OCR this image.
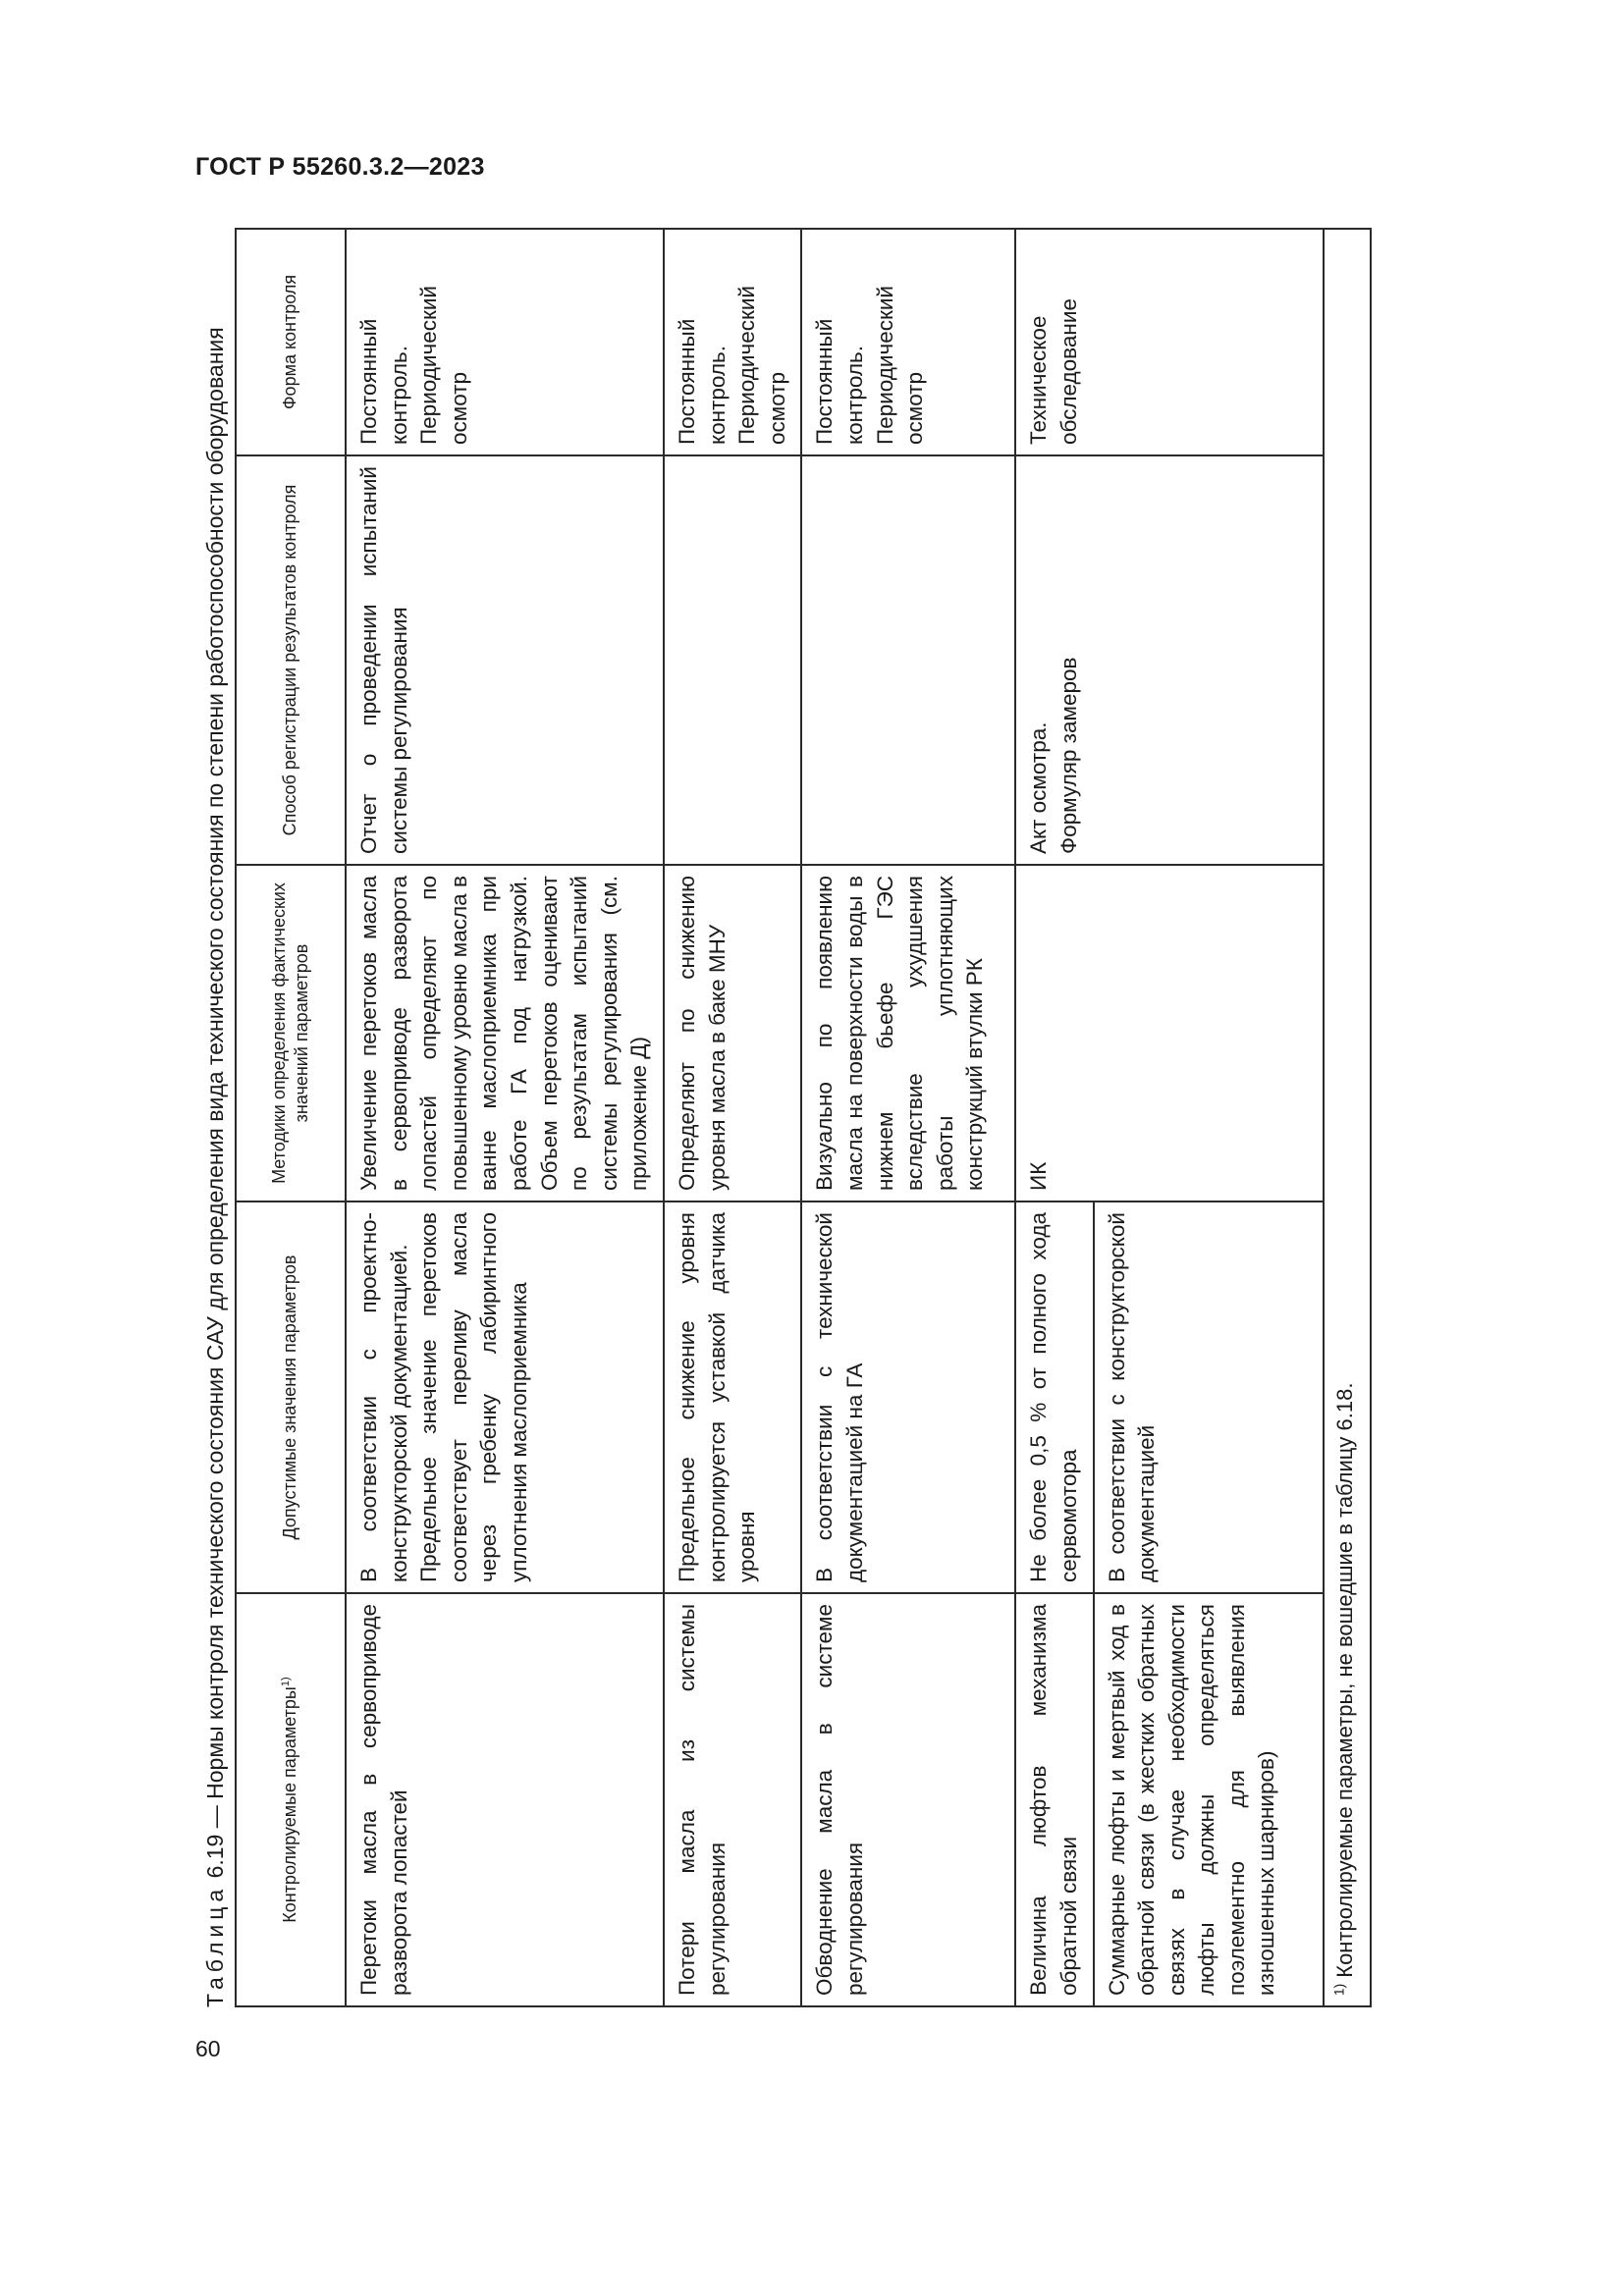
ГОСТ Р 55260.3.2—2023
Таблица 6.19 — Нормы контроля технического состояния САУ для определения вида технического состояния по степени работоспособности оборудования	Контролируемые параметры$^{1)}$	Допустимые значения параметров	Методики определения фактических значений параметров	Способ регистрации результатов контроля	Форма контроля
Перетоки масла в сервоприводе разворота лопастей	В соответствии с проектно-конструкторской документацией. Предельное значение перетоков соответствует переливу масла через гребенку лабиринтного уплотнения маслоприемника	Увеличение перетоков масла в сервоприводе разворота лопастей определяют по повышенному уровню масла в ванне маслоприемника при работе ГА под нагрузкой. Объем перетоков оценивают по результатам испытаний системы регулирования (см. приложение Д)	Отчет о проведении испытаний системы регулирования	Постоянный контроль. Периодический осмотр

Потери масла из системы регулирования	Предельное снижение уровня контролируется уставкой датчика уровня	Определяют по снижению уровня масла в баке МНУ		Постоянный контроль. Периодический осмотр

Обводнение масла в системе регулирования	В соответствии с технической документацией на ГА	Визуально по появлению масла на поверхности воды в нижнем бьефе ГЭС вследствие ухудшения работы уплотняющих конструкций втулки РК		Постоянный контроль. Периодический осмотр

Величина люфтов механизма обратной связи	Не более 0,5 % от полного хода сервомотора	ИК	Акт осмотра. Формуляр замеров	Техническое обследование
Суммарные люфты и мертвый ход в обратной связи (в жестких обратных связях в случае необходимости люфты должны определяться поэлементно для выявления изношенных шарниров)	В соответствии с конструкторской документацией			
$^{1)}$ Контролируемые параметры, не вошедшие в таблицу 6.18.				
60
